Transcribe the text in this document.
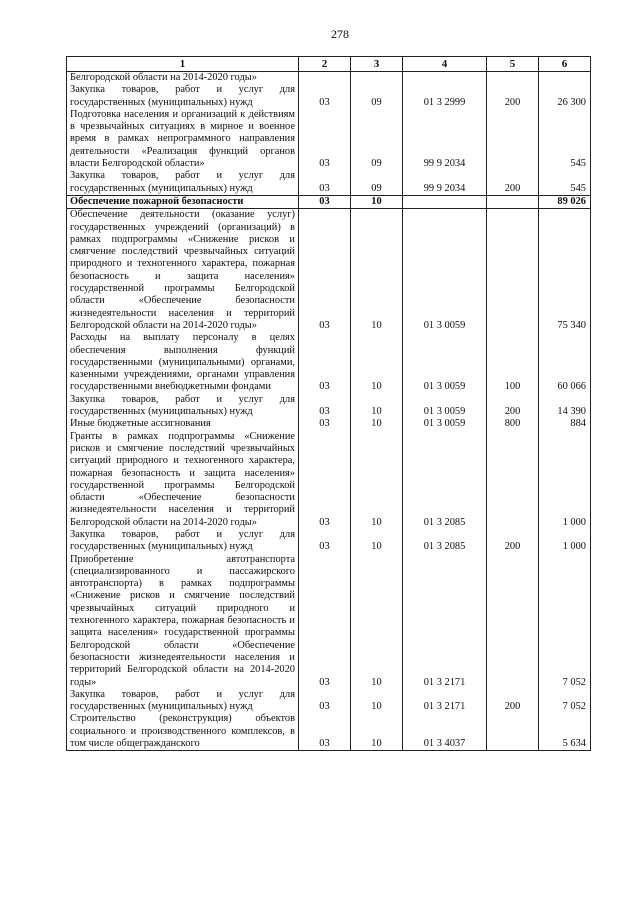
278
1	2	3	4	5	6
Белгородской области на 2014-2020 годы»					
Закупка товаров, работ и услуг для государственных (муниципальных) нужд	03	09	01 3 2999	200	26 300
Подготовка населения и организаций к действиям в чрезвычайных ситуациях в мирное и военное время в рамках непрограммного направления деятельности «Реализация функций органов власти Белгородской области»	03	09	99 9 2034		545
Закупка товаров, работ и услуг для государственных (муниципальных) нужд	03	09	99 9 2034	200	545
Обеспечение пожарной безопасности	03	10			89 026
Обеспечение деятельности (оказание услуг) государственных учреждений (организаций) в рамках подпрограммы «Снижение рисков и смягчение последствий чрезвычайных ситуаций природного и техногенного характера, пожарная безопасность и защита населения» государственной программы Белгородской области «Обеспечение безопасности жизнедеятельности населения и территорий Белгородской области на 2014-2020 годы»	03	10	01 3 0059		75 340
Расходы на выплату персоналу в целях обеспечения выполнения функций государственными (муниципальными) органами, казенными учреждениями, органами управления государственными внебюджетными фондами	03	10	01 3 0059	100	60 066
Закупка товаров, работ и услуг для государственных (муниципальных) нужд	03	10	01 3 0059	200	14 390
Иные бюджетные ассигнования	03	10	01 3 0059	800	884
Гранты в рамках подпрограммы «Снижение рисков и смягчение последствий чрезвычайных ситуаций природного и техногенного характера, пожарная безопасность и защита населения» государственной программы Белгородской области «Обеспечение безопасности жизнедеятельности населения и территорий Белгородской области на 2014-2020 годы»	03	10	01 3 2085		1 000
Закупка товаров, работ и услуг для государственных (муниципальных) нужд	03	10	01 3 2085	200	1 000
Приобретение автотранспорта (специализированного и пассажирского автотранспорта) в рамках подпрограммы «Снижение рисков и смягчение последствий чрезвычайных ситуаций природного и техногенного характера, пожарная безопасность и защита населения» государственной программы Белгородской области «Обеспечение безопасности жизнедеятельности населения и территорий Белгородской области на 2014-2020 годы»	03	10	01 3 2171		7 052
Закупка товаров, работ и услуг для государственных (муниципальных) нужд	03	10	01 3 2171	200	7 052
Строительство (реконструкция) объектов социального и производственного комплексов, в том числе общегражданского	03	10	01 3 4037		5 634
